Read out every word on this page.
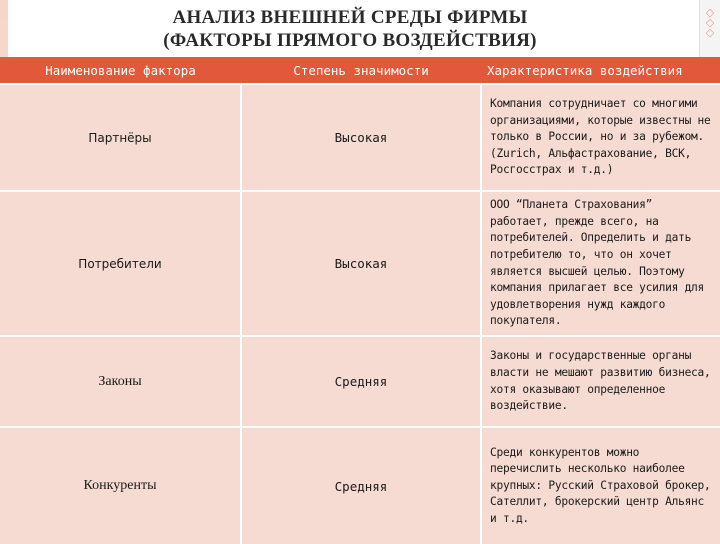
◇
◇
◇
АНАЛИЗ ВНЕШНЕЙ СРЕДЫ ФИРМЫ
(ФАКТОРЫ ПРЯМОГО ВОЗДЕЙСТВИЯ)
Наименование фактора	Степень значимости	Характеристика воздействия
Партнёры	Высокая	Компания сотрудничает со многими организациями, которые известны не только в России, но и за рубежом. (Zurich, Альфастрахование, ВСК, Росгосстрах и т.д.)
Потребители	Высокая	ООО “Планета Страхования” работает, прежде всего, на потребителей. Определить и дать потребителю то, что он хочет является высшей целью. Поэтому компания прилагает все усилия для удовлетворения нужд каждого покупателя.
Законы	Средняя	Законы и государственные органы власти не мешают развитию бизнеса, хотя оказывают определенное воздействие.
Конкуренты	Средняя	Среди конкурентов можно перечислить несколько наиболее крупных: Русский Страховой брокер, Сателлит, брокерский центр Альянс и т.д.
